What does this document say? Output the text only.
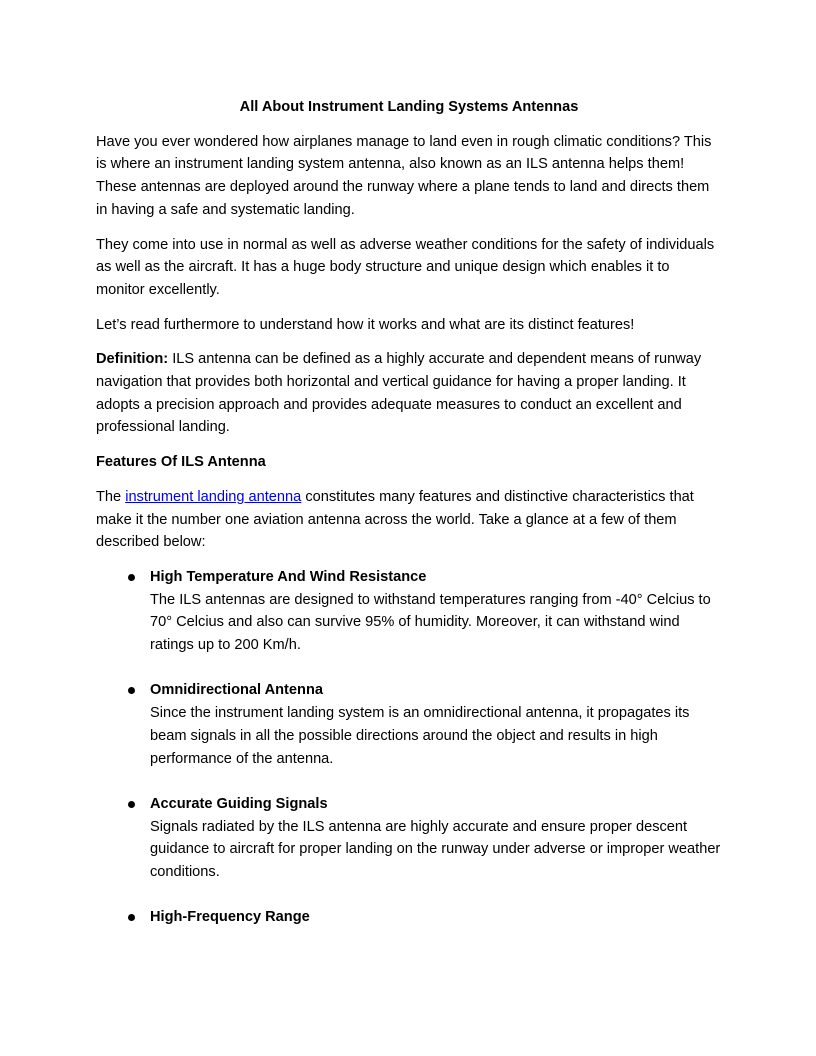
All About Instrument Landing Systems Antennas

Have you ever wondered how airplanes manage to land even in rough climatic conditions? This is where an instrument landing system antenna, also known as an ILS antenna helps them! These antennas are deployed around the runway where a plane tends to land and directs them in having a safe and systematic landing.

They come into use in normal as well as adverse weather conditions for the safety of individuals as well as the aircraft. It has a huge body structure and unique design which enables it to monitor excellently.

Let’s read furthermore to understand how it works and what are its distinct features!

Definition: ILS antenna can be defined as a highly accurate and dependent means of runway navigation that provides both horizontal and vertical guidance for having a proper landing. It adopts a precision approach and provides adequate measures to conduct an excellent and professional landing.

Features Of ILS Antenna

The instrument landing antenna constitutes many features and distinctive characteristics that make it the number one aviation antenna across the world. Take a glance at a few of them described below:

High Temperature And Wind Resistance
The ILS antennas are designed to withstand temperatures ranging from -40° Celcius to 70° Celcius and also can survive 95% of humidity. Moreover, it can withstand wind ratings up to 200 Km/h.
Omnidirectional Antenna
Since the instrument landing system is an omnidirectional antenna, it propagates its beam signals in all the possible directions around the object and results in high performance of the antenna.
Accurate Guiding Signals
Signals radiated by the ILS antenna are highly accurate and ensure proper descent guidance to aircraft for proper landing on the runway under adverse or improper weather conditions.
High-Frequency Range
